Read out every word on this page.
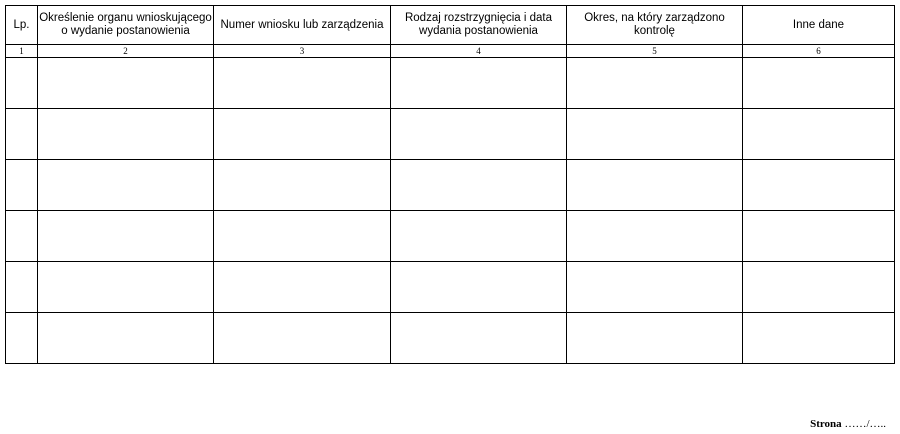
Lp.	Określenie organu wnioskującego o wydanie postanowienia	Numer wniosku lub zarządzenia	Rodzaj rozstrzygnięcia i data wydania postanowienia	Okres, na który zarządzono kontrolę	Inne dane
1	2	3	4	5	6

Strona ……/…..
